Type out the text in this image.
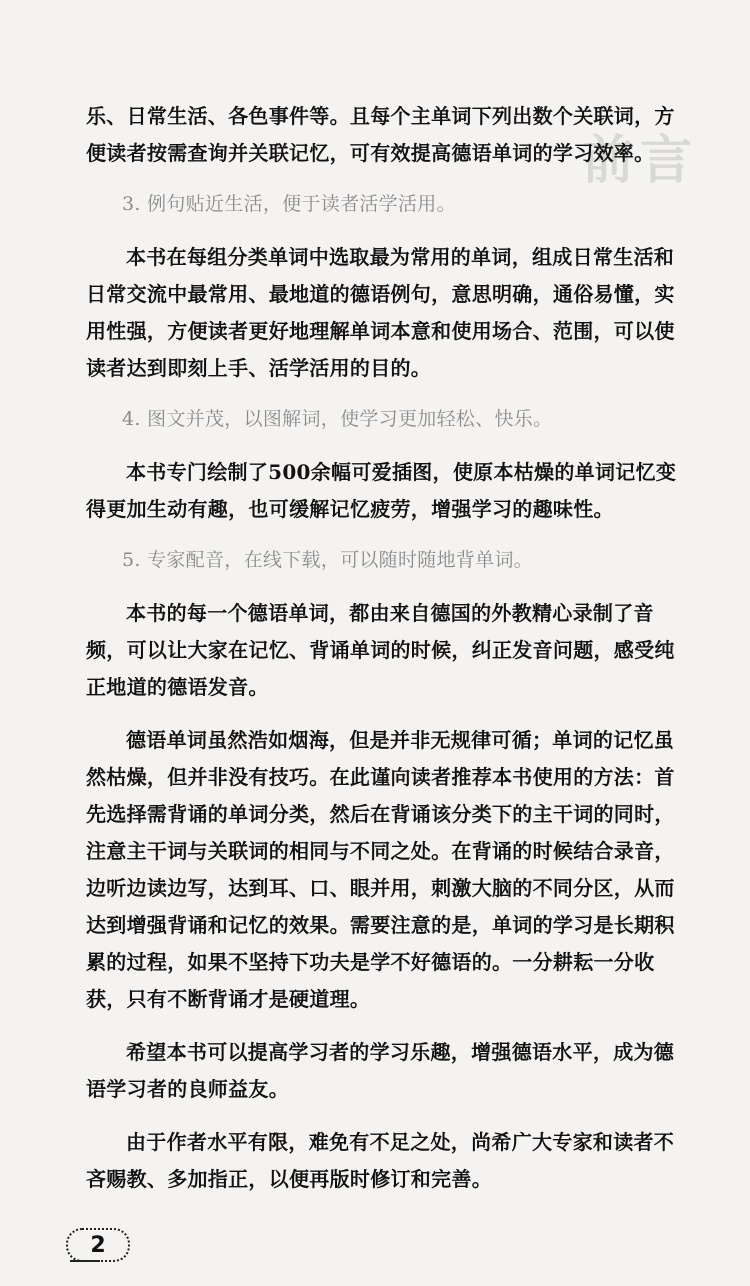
前言

乐、日常生活、各色事件等。且每个主单词下列出数个关联词，方便读者按需查询并关联记忆，可有效提高德语单词的学习效率。

3. 例句贴近生活，便于读者活学活用。

本书在每组分类单词中选取最为常用的单词，组成日常生活和日常交流中最常用、最地道的德语例句，意思明确，通俗易懂，实用性强，方便读者更好地理解单词本意和使用场合、范围，可以使读者达到即刻上手、活学活用的目的。

4. 图文并茂，以图解词，使学习更加轻松、快乐。

本书专门绘制了500余幅可爱插图，使原本枯燥的单词记忆变得更加生动有趣，也可缓解记忆疲劳，增强学习的趣味性。

5. 专家配音，在线下载，可以随时随地背单词。

本书的每一个德语单词，都由来自德国的外教精心录制了音频，可以让大家在记忆、背诵单词的时候，纠正发音问题，感受纯正地道的德语发音。

德语单词虽然浩如烟海，但是并非无规律可循；单词的记忆虽然枯燥，但并非没有技巧。在此谨向读者推荐本书使用的方法：首先选择需背诵的单词分类，然后在背诵该分类下的主干词的同时，注意主干词与关联词的相同与不同之处。在背诵的时候结合录音，边听边读边写，达到耳、口、眼并用，刺激大脑的不同分区，从而达到增强背诵和记忆的效果。需要注意的是，单词的学习是长期积累的过程，如果不坚持下功夫是学不好德语的。一分耕耘一分收获，只有不断背诵才是硬道理。

希望本书可以提高学习者的学习乐趣，增强德语水平，成为德语学习者的良师益友。

由于作者水平有限，难免有不足之处，尚希广大专家和读者不吝赐教、多加指正，以便再版时修订和完善。

2
